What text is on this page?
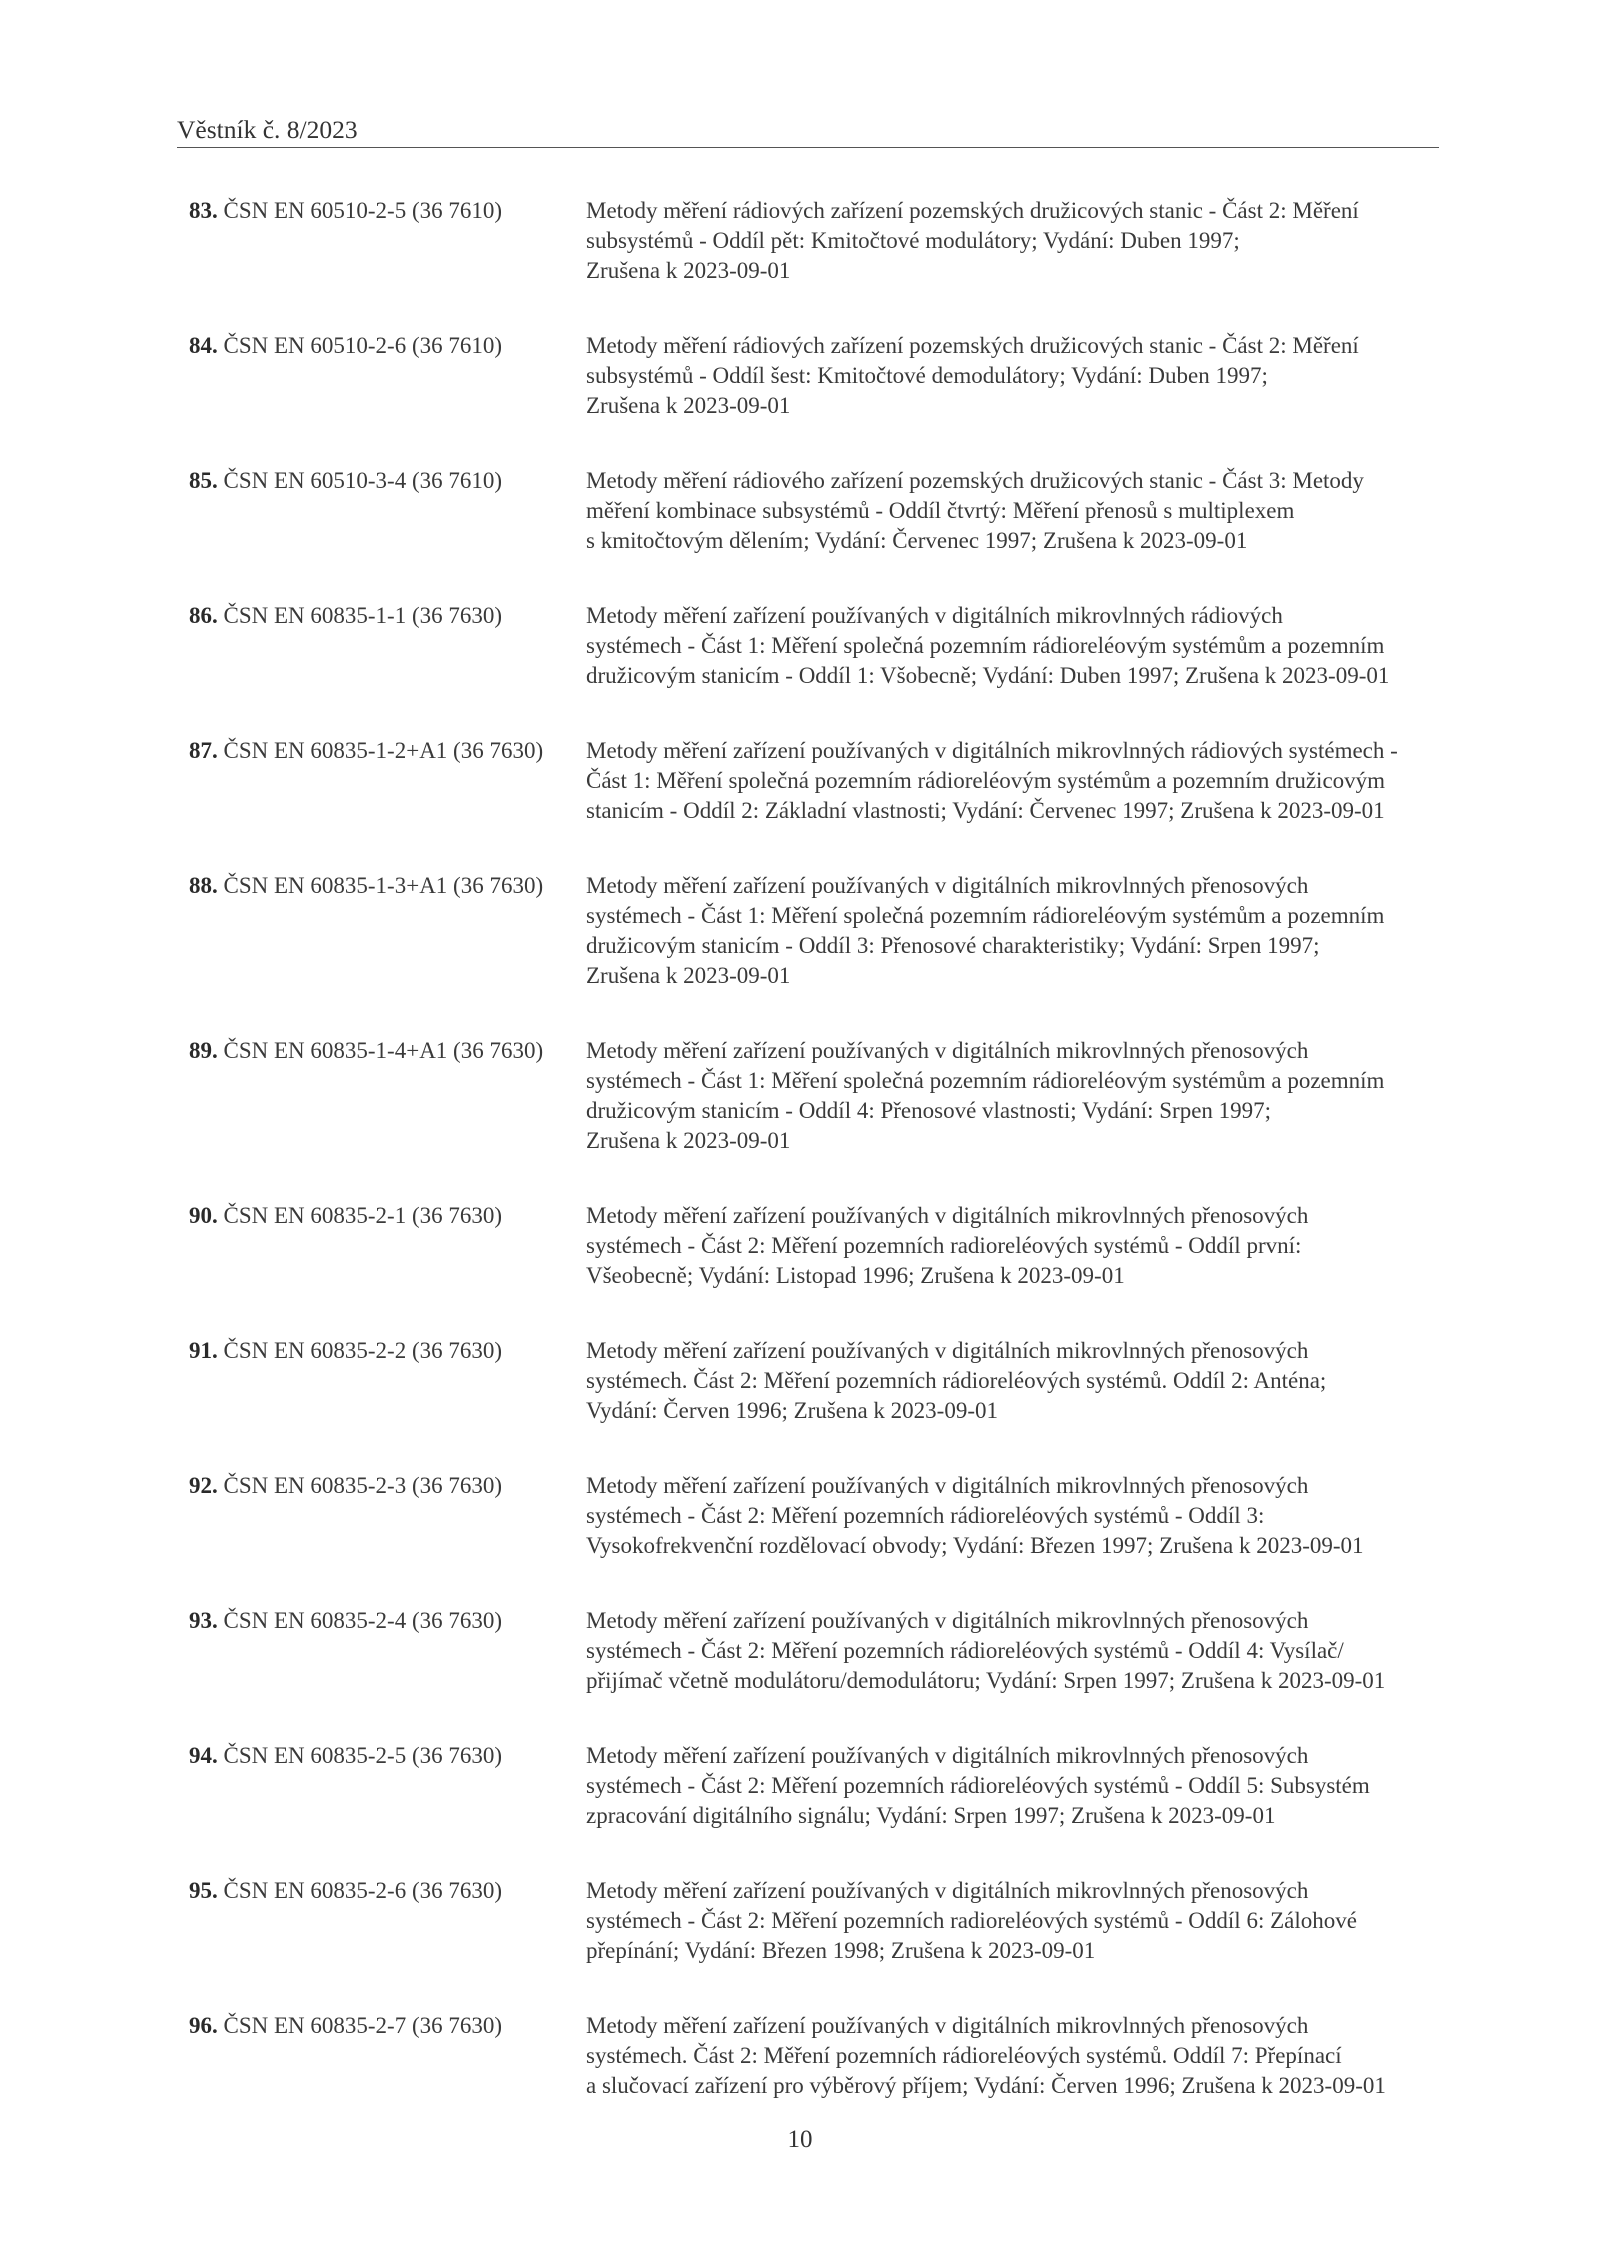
Věstník č. 8/2023
83. ČSN EN 60510-2-5 (36 7610)	Metody měření rádiových zařízení pozemských družicových stanic - Část 2: Měření
subsystémů - Oddíl pět: Kmitočtové modulátory; Vydání: Duben 1997;
Zrušena k 2023-09-01
84. ČSN EN 60510-2-6 (36 7610)	Metody měření rádiových zařízení pozemských družicových stanic - Část 2: Měření
subsystémů - Oddíl šest: Kmitočtové demodulátory; Vydání: Duben 1997;
Zrušena k 2023-09-01
85. ČSN EN 60510-3-4 (36 7610)	Metody měření rádiového zařízení pozemských družicových stanic - Část 3: Metody
měření kombinace subsystémů - Oddíl čtvrtý: Měření přenosů s multiplexem
s kmitočtovým dělením; Vydání: Červenec 1997; Zrušena k 2023-09-01
86. ČSN EN 60835-1-1 (36 7630)	Metody měření zařízení používaných v digitálních mikrovlnných rádiových
systémech - Část 1: Měření společná pozemním rádioreléovým systémům a pozemním
družicovým stanicím - Oddíl 1: Všobecně; Vydání: Duben 1997; Zrušena k 2023-09-01
87. ČSN EN 60835-1-2+A1 (36 7630)	Metody měření zařízení používaných v digitálních mikrovlnných rádiových systémech -
Část 1: Měření společná pozemním rádioreléovým systémům a pozemním družicovým
stanicím - Oddíl 2: Základní vlastnosti; Vydání: Červenec 1997; Zrušena k 2023-09-01
88. ČSN EN 60835-1-3+A1 (36 7630)	Metody měření zařízení používaných v digitálních mikrovlnných přenosových
systémech - Část 1: Měření společná pozemním rádioreléovým systémům a pozemním
družicovým stanicím - Oddíl 3: Přenosové charakteristiky; Vydání: Srpen 1997;
Zrušena k 2023-09-01
89. ČSN EN 60835-1-4+A1 (36 7630)	Metody měření zařízení používaných v digitálních mikrovlnných přenosových
systémech - Část 1: Měření společná pozemním rádioreléovým systémům a pozemním
družicovým stanicím - Oddíl 4: Přenosové vlastnosti; Vydání: Srpen 1997;
Zrušena k 2023-09-01
90. ČSN EN 60835-2-1 (36 7630)	Metody měření zařízení používaných v digitálních mikrovlnných přenosových
systémech - Část 2: Měření pozemních radioreléových systémů - Oddíl první:
Všeobecně; Vydání: Listopad 1996; Zrušena k 2023-09-01
91. ČSN EN 60835-2-2 (36 7630)	Metody měření zařízení používaných v digitálních mikrovlnných přenosových
systémech. Část 2: Měření pozemních rádioreléových systémů. Oddíl 2: Anténa;
Vydání: Červen 1996; Zrušena k 2023-09-01
92. ČSN EN 60835-2-3 (36 7630)	Metody měření zařízení používaných v digitálních mikrovlnných přenosových
systémech - Část 2: Měření pozemních rádioreléových systémů - Oddíl 3:
Vysokofrekvenční rozdělovací obvody; Vydání: Březen 1997; Zrušena k 2023-09-01
93. ČSN EN 60835-2-4 (36 7630)	Metody měření zařízení používaných v digitálních mikrovlnných přenosových
systémech - Část 2: Měření pozemních rádioreléových systémů - Oddíl 4: Vysílač/
přijímač včetně modulátoru/demodulátoru; Vydání: Srpen 1997; Zrušena k 2023-09-01
94. ČSN EN 60835-2-5 (36 7630)	Metody měření zařízení používaných v digitálních mikrovlnných přenosových
systémech - Část 2: Měření pozemních rádioreléových systémů - Oddíl 5: Subsystém
zpracování digitálního signálu; Vydání: Srpen 1997; Zrušena k 2023-09-01
95. ČSN EN 60835-2-6 (36 7630)	Metody měření zařízení používaných v digitálních mikrovlnných přenosových
systémech - Část 2: Měření pozemních radioreléových systémů - Oddíl 6: Zálohové
přepínání; Vydání: Březen 1998; Zrušena k 2023-09-01
96. ČSN EN 60835-2-7 (36 7630)	Metody měření zařízení používaných v digitálních mikrovlnných přenosových
systémech. Část 2: Měření pozemních rádioreléových systémů. Oddíl 7: Přepínací
a slučovací zařízení pro výběrový příjem; Vydání: Červen 1996; Zrušena k 2023-09-01
10
